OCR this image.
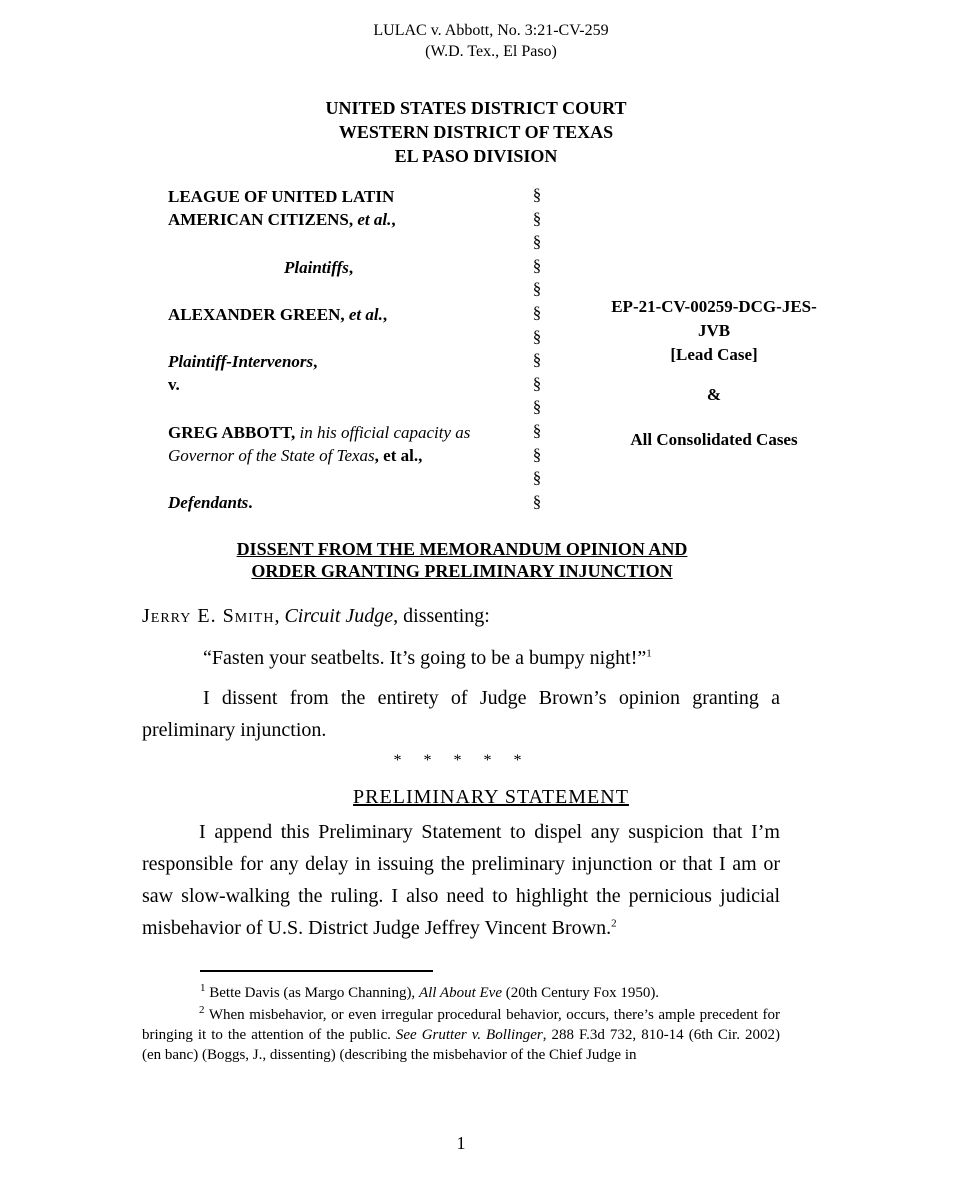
LULAC v. Abbott, No. 3:21-CV-259
(W.D. Tex., El Paso)
UNITED STATES DISTRICT COURT
WESTERN DISTRICT OF TEXAS
EL PASO DIVISION
LEAGUE OF UNITED LATIN
AMERICAN CITIZENS, et al.,
Plaintiffs,
ALEXANDER GREEN, et al.,
Plaintiff-Intervenors,
v.
GREG ABBOTT, in his official capacity as
Governor of the State of Texas, et al.,
Defendants.
§
§
§
§
§
§
§
§
§
§
§
§
§
§
EP-21-CV-00259-DCG-JES-
JVB
[Lead Case]
&
All Consolidated Cases
DISSENT FROM THE MEMORANDUM OPINION AND
ORDER GRANTING PRELIMINARY INJUNCTION
Jerry E. Smith, Circuit Judge, dissenting:
“Fasten your seatbelts. It’s going to be a bumpy night!”$^1$
I dissent from the entirety of Judge Brown’s opinion granting a preliminary injunction.
* * * * *
PRELIMINARY STATEMENT
I append this Preliminary Statement to dispel any suspicion that I’m responsible for any delay in issuing the preliminary injunction or that I am or saw slow-walking the ruling. I also need to highlight the pernicious judicial misbehavior of U.S. District Judge Jeffrey Vincent Brown.$^2$
$^1$ Bette Davis (as Margo Channing), All About Eve (20th Century Fox 1950).
$^2$ When misbehavior, or even irregular procedural behavior, occurs, there’s ample precedent for bringing it to the attention of the public. See Grutter v. Bollinger, 288 F.3d 732, 810-14 (6th Cir. 2002) (en banc) (Boggs, J., dissenting) (describing the misbehavior of the Chief Judge in
1
